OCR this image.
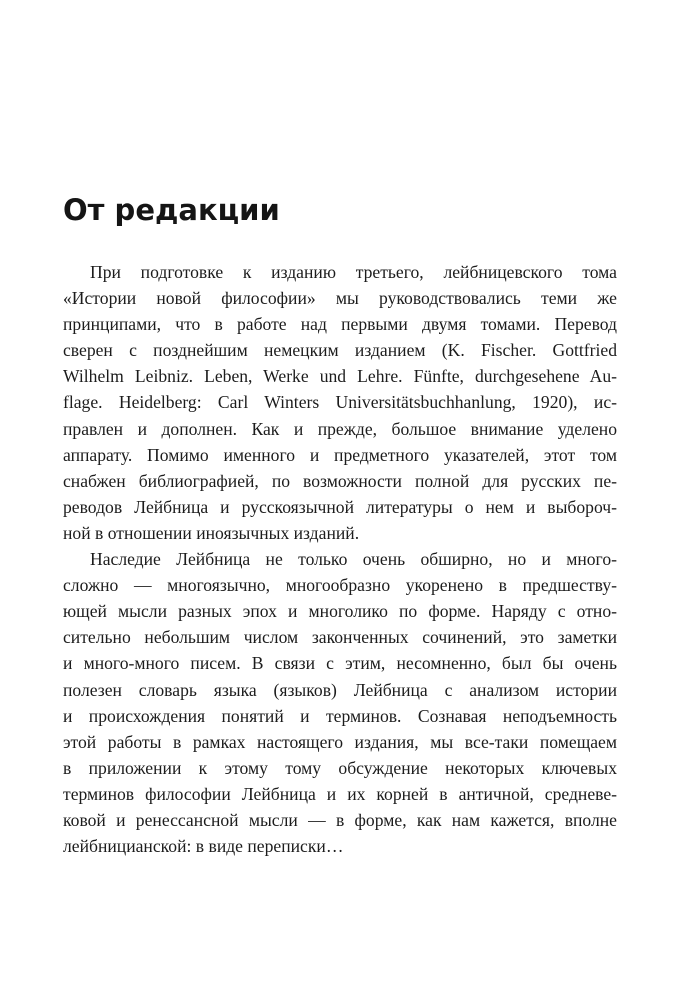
От редакции

При подготовке к изданию третьего, лейбницевского тома
«Истории новой философии» мы руководствовались теми же
принципами, что в работе над первыми двумя томами. Перевод
сверен с позднейшим немецким изданием (K. Fischer. Gottfried
Wilhelm Leibniz. Leben, Werke und Lehre. Fünfte, durchgesehene Au-
flage. Heidelberg: Carl Winters Universitätsbuchhanlung, 1920), ис-
правлен и дополнен. Как и прежде, большое внимание уделено
аппарату. Помимо именного и предметного указателей, этот том
снабжен библиографией, по возможности полной для русских пе-
реводов Лейбница и русскоязычной литературы о нем и выбороч-
ной в отношении иноязычных изданий.

Наследие Лейбница не только очень обширно, но и много-
сложно — многоязычно, многообразно укоренено в предшеству-
ющей мысли разных эпох и многолико по форме. Наряду с отно-
сительно небольшим числом законченных сочинений, это заметки
и много-много писем. В связи с этим, несомненно, был бы очень
полезен словарь языка (языков) Лейбница с анализом истории
и происхождения понятий и терминов. Сознавая неподъемность
этой работы в рамках настоящего издания, мы все-таки помещаем
в приложении к этому тому обсуждение некоторых ключевых
терминов философии Лейбница и их корней в античной, средневе-
ковой и ренессансной мысли — в форме, как нам кажется, вполне
лейбницианской: в виде переписки…
